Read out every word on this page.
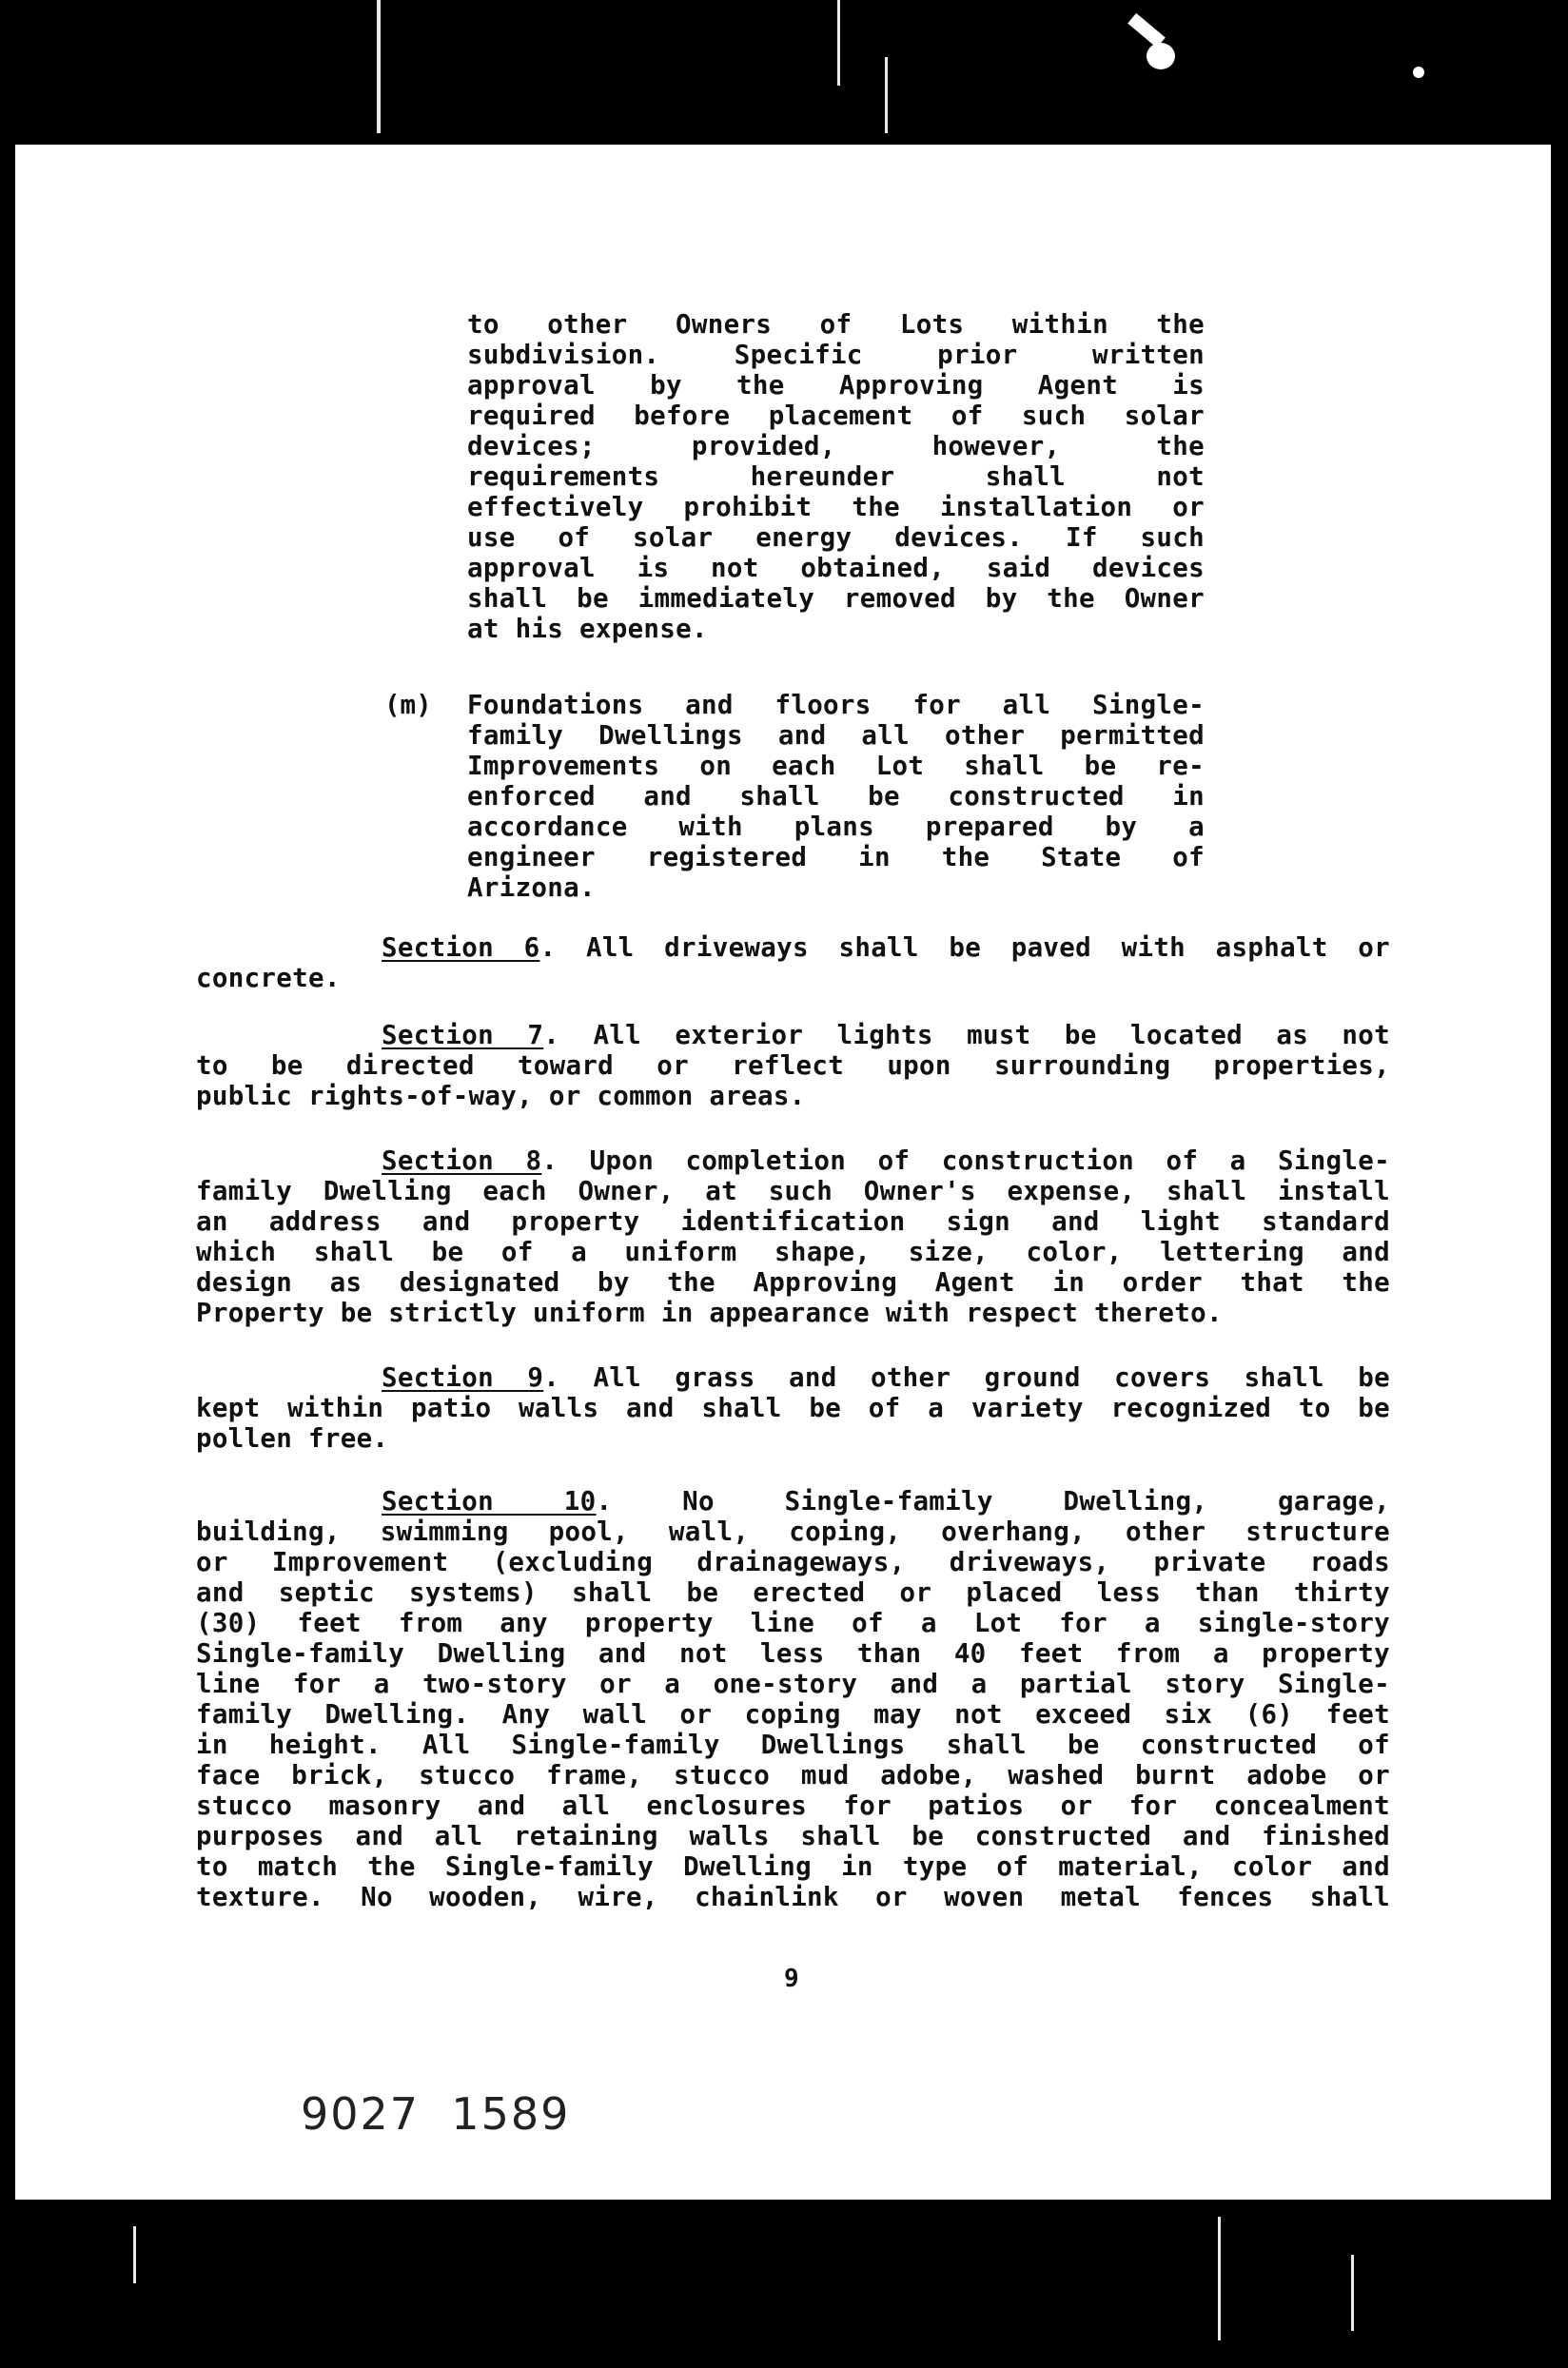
to other Owners of Lots within the
subdivision. Specific prior written
approval by the Approving Agent is
required before placement of such solar
devices; provided, however, the
requirements hereunder shall not
effectively prohibit the installation or
use of solar energy devices. If such
approval is not obtained, said devices
shall be immediately removed by the Owner
at his expense.
(m) Foundations and floors for all Single-
family Dwellings and all other permitted
Improvements on each Lot shall be re-
enforced and shall be constructed in
accordance with plans prepared by a
engineer registered in the State of
Arizona.
Section 6. All driveways shall be paved with asphalt or
concrete.
Section 7. All exterior lights must be located as not
to be directed toward or reflect upon surrounding properties,
public rights-of-way, or common areas.
Section 8. Upon completion of construction of a Single-
family Dwelling each Owner, at such Owner's expense, shall install
an address and property identification sign and light standard
which shall be of a uniform shape, size, color, lettering and
design as designated by the Approving Agent in order that the
Property be strictly uniform in appearance with respect thereto.
Section 9. All grass and other ground covers shall be
kept within patio walls and shall be of a variety recognized to be
pollen free.
Section 10. No Single-family Dwelling, garage,
building, swimming pool, wall, coping, overhang, other structure
or Improvement (excluding drainageways, driveways, private roads
and septic systems) shall be erected or placed less than thirty
(30) feet from any property line of a Lot for a single-story
Single-family Dwelling and not less than 40 feet from a property
line for a two-story or a one-story and a partial story Single-
family Dwelling. Any wall or coping may not exceed six (6) feet
in height. All Single-family Dwellings shall be constructed of
face brick, stucco frame, stucco mud adobe, washed burnt adobe or
stucco masonry and all enclosures for patios or for concealment
purposes and all retaining walls shall be constructed and finished
to match the Single-family Dwelling in type of material, color and
texture. No wooden, wire, chainlink or woven metal fences shall
9
9027  1589
